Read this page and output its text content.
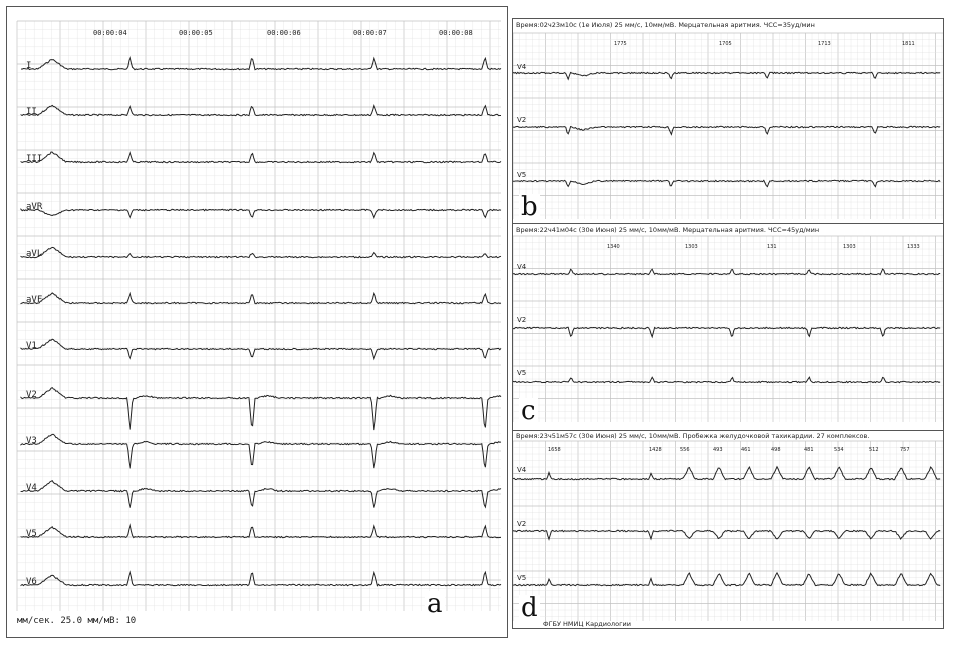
00:00:04	00:00:05	00:00:06	00:00:07	00:00:08
I
II
III
aVR
aVL
aVF
V1
V2
V3
V4
V5
V6
мм/сек. 25.0 мм/мВ: 10
a
Время:02ч23м10с (1е Июля) 25 мм/с, 10мм/мВ. Мерцательная аритмия. ЧСС=35уд/мин
1775	1705	1713	1811
V4
V2
V5
b
Время:22ч41м04с (30е Июня) 25 мм/с, 10мм/мВ. Мерцательная аритмия. ЧСС=45уд/мин
1340	1303	131	1303	1333
V4
V2
V5
c
Время:23ч51м57с (30е Июня) 25 мм/с, 10мм/мВ. Пробежка желудочковой тахикардии. 27 комплексов.
1658	1428	556	493	461	498	481	534	512	757
V4
V2
V5
ФГБУ НМИЦ Кардиологии
d
